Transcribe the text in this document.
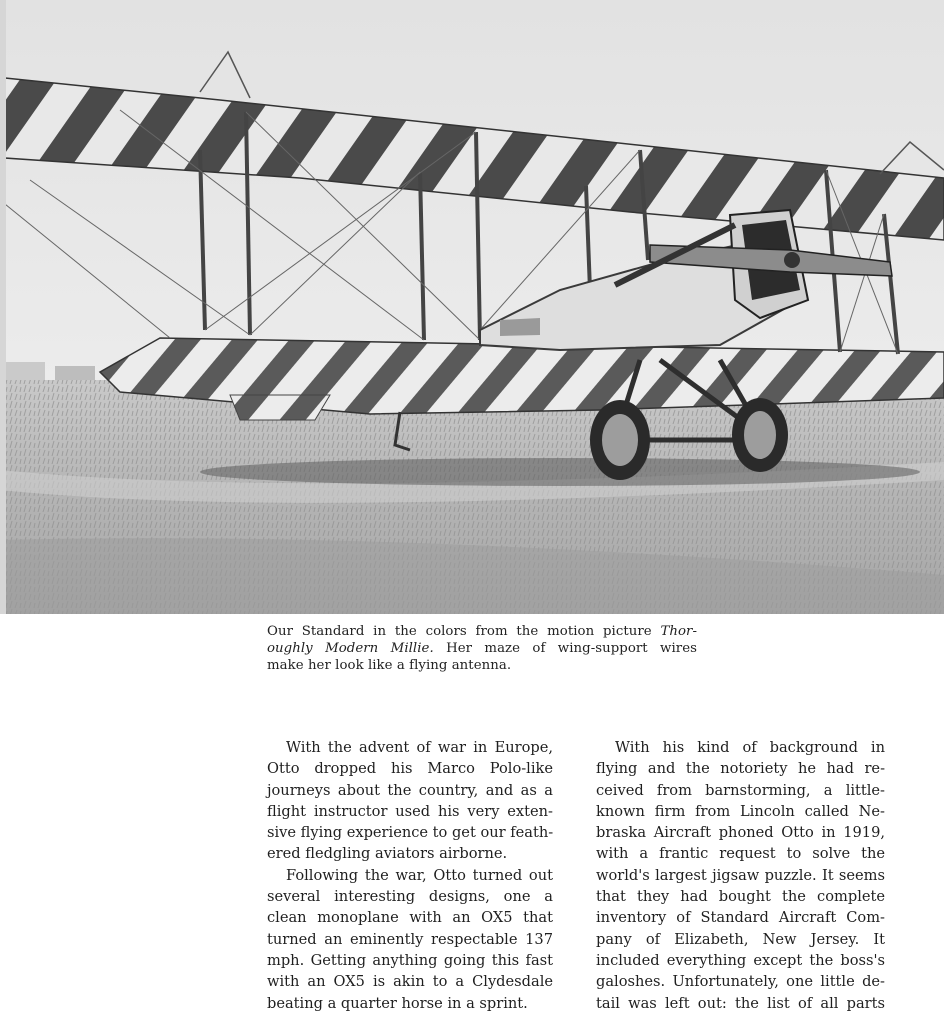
Our Standard in the colors from the motion picture Thor-
oughly Modern Millie. Her maze of wing-support wires
make her look like a flying antenna.
With the advent of war in Europe,
Otto dropped his Marco Polo-like
journeys about the country, and as a
flight instructor used his very exten-
sive flying experience to get our feath-
ered fledgling aviators airborne.
Following the war, Otto turned out
several interesting designs, one a
clean monoplane with an OX5 that
turned an eminently respectable 137
mph. Getting anything going this fast
with an OX5 is akin to a Clydesdale
beating a quarter horse in a sprint.
With his kind of background in
flying and the notoriety he had re-
ceived from barnstorming, a little-
known firm from Lincoln called Ne-
braska Aircraft phoned Otto in 1919,
with a frantic request to solve the
world's largest jigsaw puzzle. It seems
that they had bought the complete
inventory of Standard Aircraft Com-
pany of Elizabeth, New Jersey. It
included everything except the boss's
galoshes. Unfortunately, one little de-
tail was left out: the list of all parts
